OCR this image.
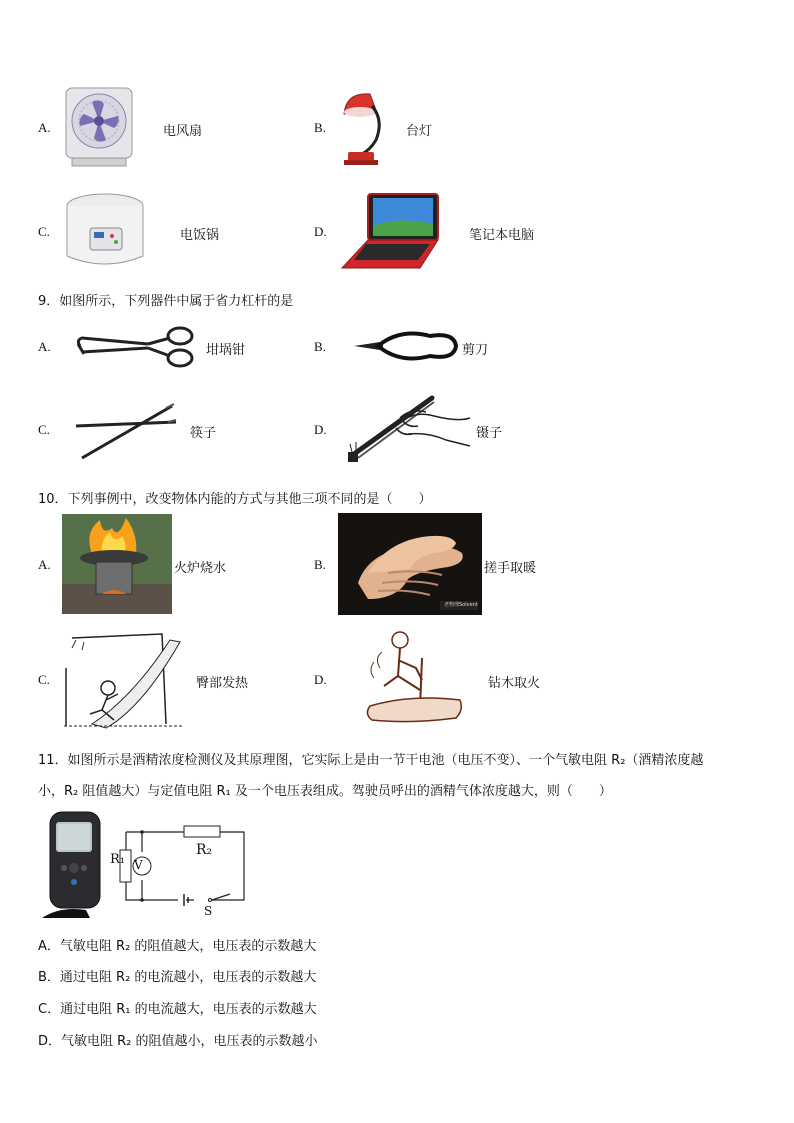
A.	电风扇	B.	台灯
C.	电饭锅	D.	笔记本电脑
9．如图所示，下列器件中属于省力杠杆的是
A.	坩埚钳	B.	剪刀
C.	筷子	D.	镊子
10．下列事例中，改变物体内能的方式与其他三项不同的是（　　）
A.	火炉烧水	B.
老物理Solvent
搓手取暖
C.	臀部发热	D.	钻木取火
11．如图所示是酒精浓度检测仪及其原理图，它实际上是由一节干电池（电压不变）、一个气敏电阻 R₂（酒精浓度越
小，R₂ 阻值越大）与定值电阻 R₁ 及一个电压表组成。驾驶员呼出的酒精气体浓度越大，则（　　）
V
R₁
R₂
S
A．气敏电阻 R₂ 的阻值越大，电压表的示数越大
B．通过电阻 R₂ 的电流越小，电压表的示数越大
C．通过电阻 R₁ 的电流越大，电压表的示数越大
D．气敏电阻 R₂ 的阻值越小，电压表的示数越小
